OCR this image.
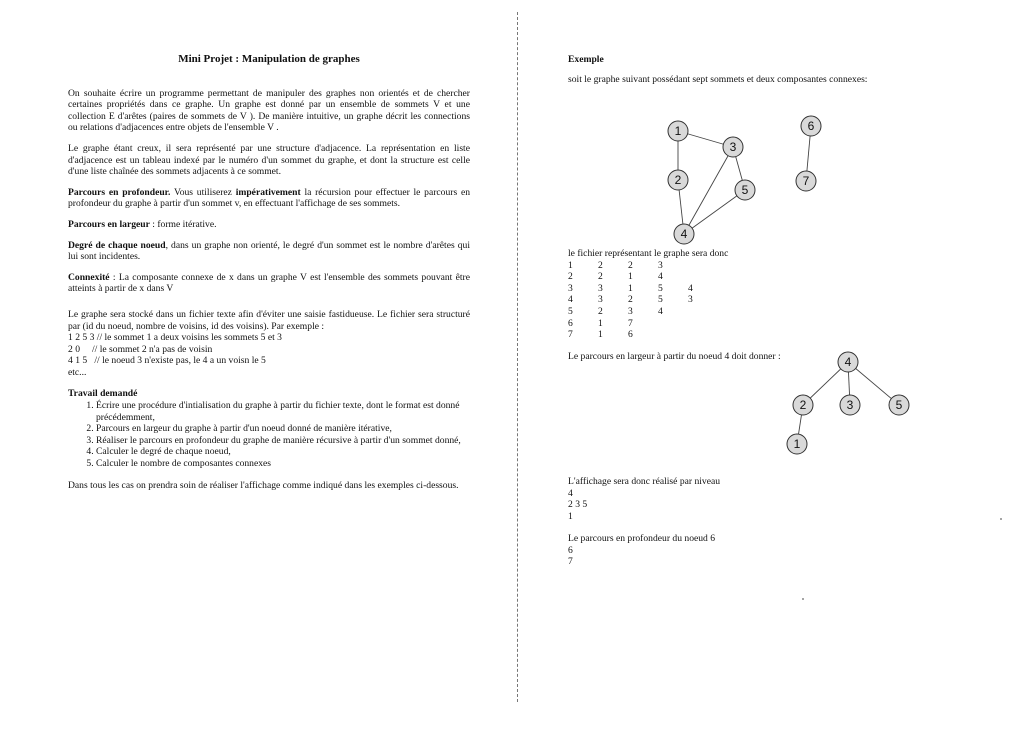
Mini Projet : Manipulation de graphes

On souhaite écrire un programme permettant de manipuler des graphes non orientés et de chercher certaines propriétés dans ce graphe. Un graphe est donné par un ensemble de sommets V et une collection E d'arêtes (paires de sommets de V ). De manière intuitive, un graphe décrit les connections ou relations d'adjacences entre objets de l'ensemble V .

Le graphe étant creux, il sera représenté par une structure d'adjacence. La représentation en liste d'adjacence est un tableau indexé par le numéro d'un sommet du graphe, et dont la structure est celle d'une liste chaînée des sommets adjacents à ce sommet.

Parcours en profondeur. Vous utiliserez impérativement la récursion pour effectuer le parcours en profondeur du graphe à partir d'un sommet v, en effectuant l'affichage de ses sommets.

Parcours en largeur : forme itérative.

Degré de chaque noeud, dans un graphe non orienté, le degré d'un sommet est le nombre d'arêtes qui lui sont incidentes.

Connexité : La composante connexe de x dans un graphe V est l'ensemble des sommets pouvant être atteints à partir de x dans V

Le graphe sera stocké dans un fichier texte afin d'éviter une saisie fastidueuse. Le fichier sera structuré par (id du noeud, nombre de voisins, id des voisins). Par exemple :

1 2 5 3 // le sommet 1 a deux voisins les sommets 5 et 3
2 0     // le sommet 2 n'a pas de voisin
4 1 5   // le noeud 3 n'existe pas, le 4 a un voisn le 5
etc...
Travail demandé
1. Écrire une procédure d'intialisation du graphe à partir du fichier texte, dont le format est donné précédemment,
2. Parcours en largeur du graphe à partir d'un noeud donné de manière itérative,
3. Réaliser le parcours en profondeur du graphe de manière récursive à partir d'un sommet donné,
4. Calculer le degré de chaque noeud,
5. Calculer le nombre de composantes connexes

Dans tous les cas on prendra soin de réaliser l'affichage comme indiqué dans les exemples ci-dessous.

Exemple
soit le graphe suivant possédant sept sommets et deux composantes connexes:
1
2
3
4
5
6
7
le fichier représentant le graphe sera donc
1	2	2	3	
2	2	1	4	
3	3	1	5	4
4	3	2	5	3
5	2	3	4	
6	1	7		
7	1	6		
Le parcours en largeur à partir du noeud 4 doit donner :	4
2	3	5
1
L'affichage sera donc réalisé par niveau
4
2 3 5
1
Le parcours en profondeur du noeud 6
6
7
